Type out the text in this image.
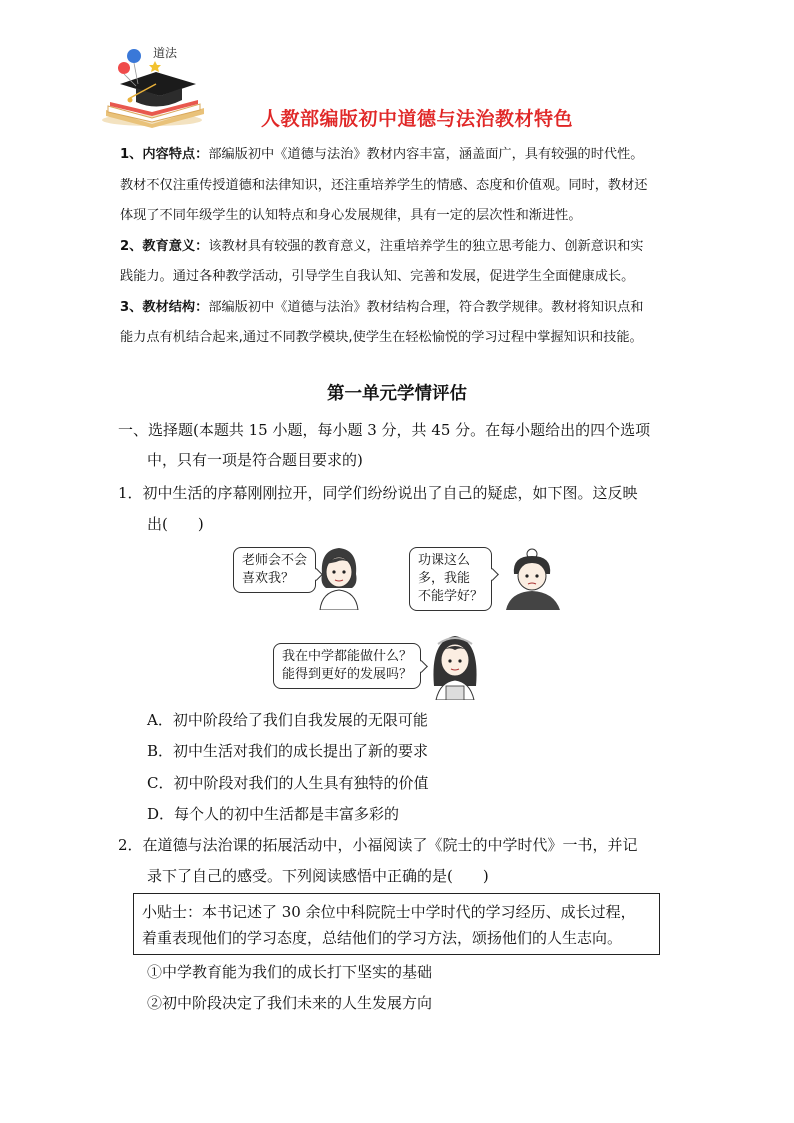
道法
人教部编版初中道德与法治教材特色

1、内容特点：部编版初中《道德与法治》教材内容丰富，涵盖面广，具有较强的时代性。

教材不仅注重传授道德和法律知识，还注重培养学生的情感、态度和价值观。同时，教材还

体现了不同年级学生的认知特点和身心发展规律，具有一定的层次性和渐进性。

2、教育意义：该教材具有较强的教育意义，注重培养学生的独立思考能力、创新意识和实

践能力。通过各种教学活动，引导学生自我认知、完善和发展，促进学生全面健康成长。

3、教材结构：部编版初中《道德与法治》教材结构合理，符合教学规律。教材将知识点和

能力点有机结合起来,通过不同教学模块,使学生在轻松愉悦的学习过程中掌握知识和技能。

第一单元学情评估
一、选择题(本题共 15 小题，每小题 3 分，共 45 分。在每小题给出的四个选项
中，只有一项是符合题目要求的)
1．初中生活的序幕刚刚拉开，同学们纷纷说出了自己的疑虑，如下图。这反映
出(　　)
老师会不会
喜欢我？
功课这么
多，我能
不能学好？
我在中学都能做什么？
能得到更好的发展吗？
A．初中阶段给了我们自我发展的无限可能
B．初中生活对我们的成长提出了新的要求
C．初中阶段对我们的人生具有独特的价值
D．每个人的初中生活都是丰富多彩的
2．在道德与法治课的拓展活动中，小福阅读了《院士的中学时代》一书，并记
录下了自己的感受。下列阅读感悟中正确的是(　　)
小贴士：本书记述了 30 余位中科院院士中学时代的学习经历、成长过程，
着重表现他们的学习态度，总结他们的学习方法，颂扬他们的人生志向。
①中学教育能为我们的成长打下坚实的基础
②初中阶段决定了我们未来的人生发展方向
